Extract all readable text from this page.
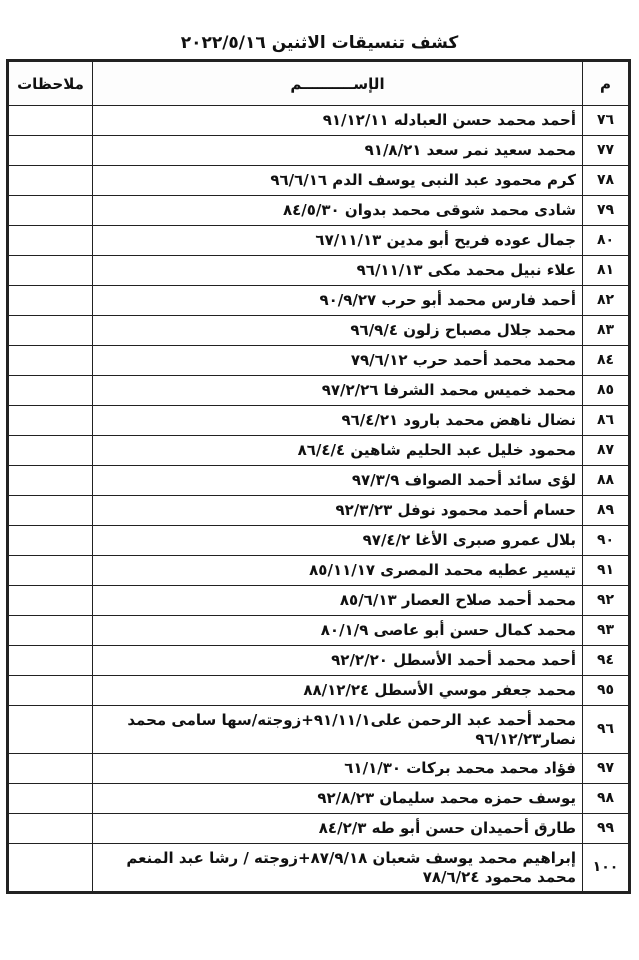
كشف تنسيقات الاثنين ٢٠٢٢/٥/١٦
م	الإســــــــــم	ملاحظات
٧٦	أحمد محمد حسن العبادله ٩١/١٢/١١	
٧٧	محمد سعيد نمر سعد ٩١/٨/٢١	
٧٨	كرم محمود عبد النبى يوسف الدم ٩٦/٦/١٦	
٧٩	شادى محمد شوقى محمد بدوان ٨٤/٥/٣٠	
٨٠	جمال عوده فريح أبو مدين ٦٧/١١/١٣	
٨١	علاء نبيل محمد مكى ٩٦/١١/١٣	
٨٢	أحمد فارس محمد أبو حرب ٩٠/٩/٢٧	
٨٣	محمد جلال مصباح زلون ٩٦/٩/٤	
٨٤	محمد محمد أحمد حرب ٧٩/٦/١٢	
٨٥	محمد خميس محمد الشرفا ٩٧/٢/٢٦	
٨٦	نضال ناهض محمد بارود ٩٦/٤/٢١	
٨٧	محمود خليل عبد الحليم شاهين ٨٦/٤/٤	
٨٨	لؤى سائد أحمد الصواف ٩٧/٣/٩	
٨٩	حسام أحمد محمود نوفل ٩٢/٣/٢٣	
٩٠	بلال عمرو صبرى الأغا ٩٧/٤/٢	
٩١	تيسير عطيه محمد المصرى ٨٥/١١/١٧	
٩٢	محمد أحمد صلاح العصار ٨٥/٦/١٣	
٩٣	محمد كمال حسن أبو عاصى ٨٠/١/٩	
٩٤	أحمد محمد أحمد الأسطل ٩٢/٢/٢٠	
٩٥	محمد جعفر موسي الأسطل ٨٨/١٢/٢٤	
٩٦	محمد أحمد عبد الرحمن على٩١/١١/١+زوجته/سها سامى محمد نصار٩٦/١٢/٢٣	
٩٧	فؤاد محمد محمد بركات ٦١/١/٣٠	
٩٨	يوسف حمزه محمد سليمان ٩٢/٨/٢٣	
٩٩	طارق أحميدان حسن أبو طه ٨٤/٢/٣	
١٠٠	إبراهيم محمد يوسف شعبان ٨٧/٩/١٨+زوجته / رشا عبد المنعم محمد محمود ٧٨/٦/٢٤	
